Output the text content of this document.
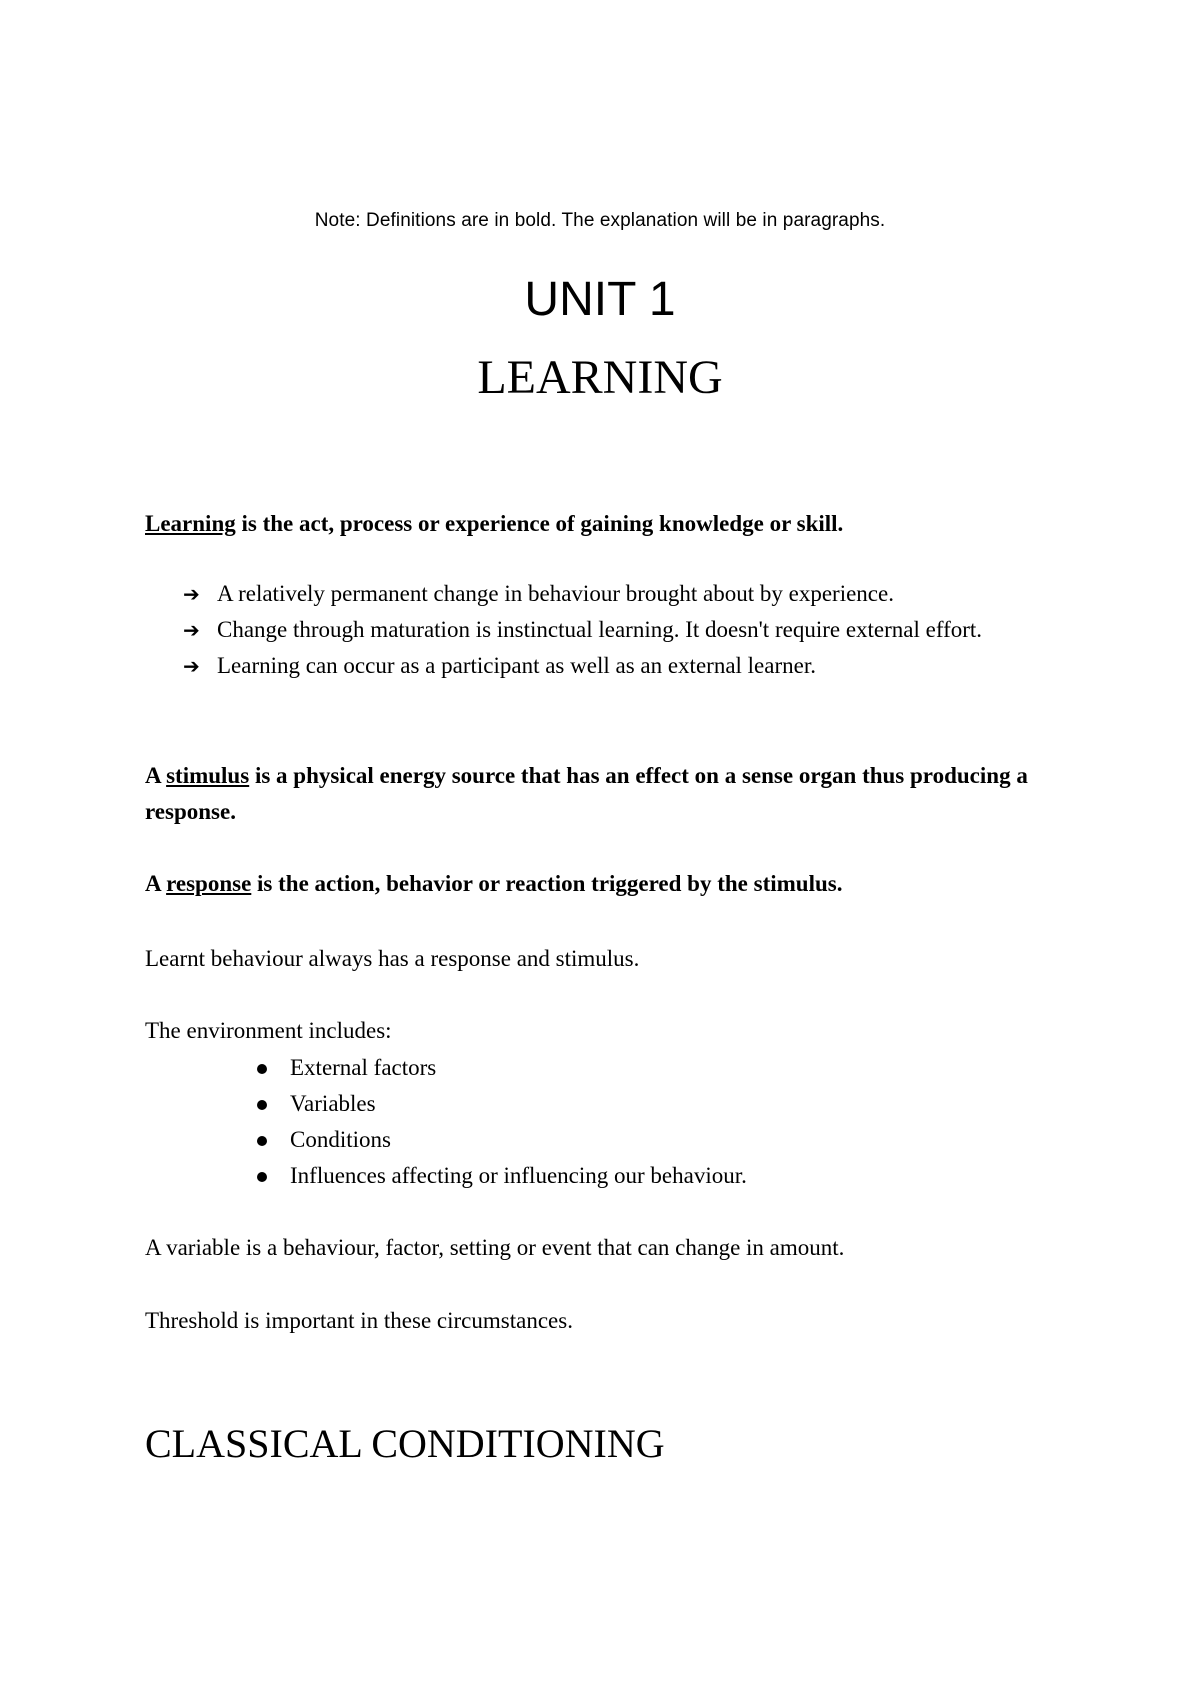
Note: Definitions are in bold. The explanation will be in paragraphs.
UNIT 1
LEARNING
Learning is the act, process or experience of gaining knowledge or skill.
➔ A relatively permanent change in behaviour brought about by experience.
➔ Change through maturation is instinctual learning. It doesn't require external effort.
➔ Learning can occur as a participant as well as an external learner.
A stimulus is a physical energy source that has an effect on a sense organ thus producing a response.
A response is the action, behavior or reaction triggered by the stimulus.
Learnt behaviour always has a response and stimulus.
The environment includes:
External factors
Variables
Conditions
Influences affecting or influencing our behaviour.
A variable is a behaviour, factor, setting or event that can change in amount.
Threshold is important in these circumstances.
CLASSICAL CONDITIONING
